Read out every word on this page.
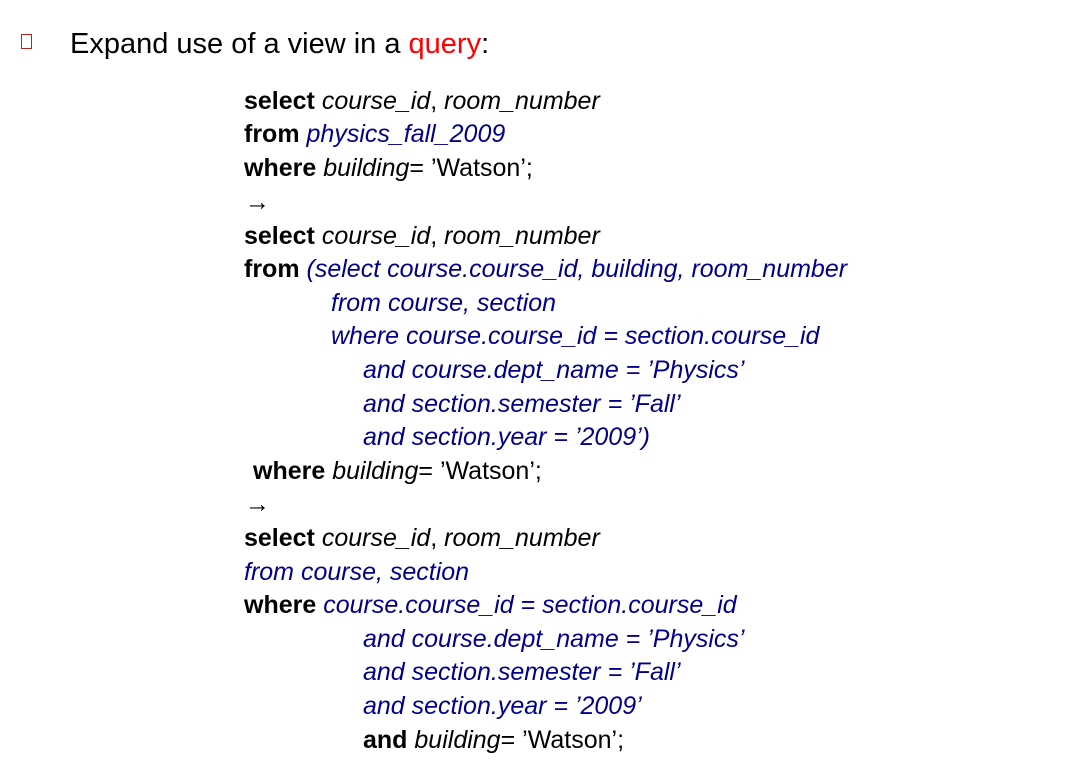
Expand use of a view in a query:
select course_id, room_number
from physics_fall_2009
where building= ’Watson’;
→
select course_id, room_number
from (select course.course_id, building, room_number
from course, section
where course.course_id = section.course_id
and course.dept_name = ’Physics’
and section.semester = ’Fall’
and section.year = ’2009’)
where building= ’Watson’;
→
select course_id, room_number
from course, section
where course.course_id = section.course_id
and course.dept_name = ’Physics’
and section.semester = ’Fall’
and section.year = ’2009’
and building= ’Watson’;
